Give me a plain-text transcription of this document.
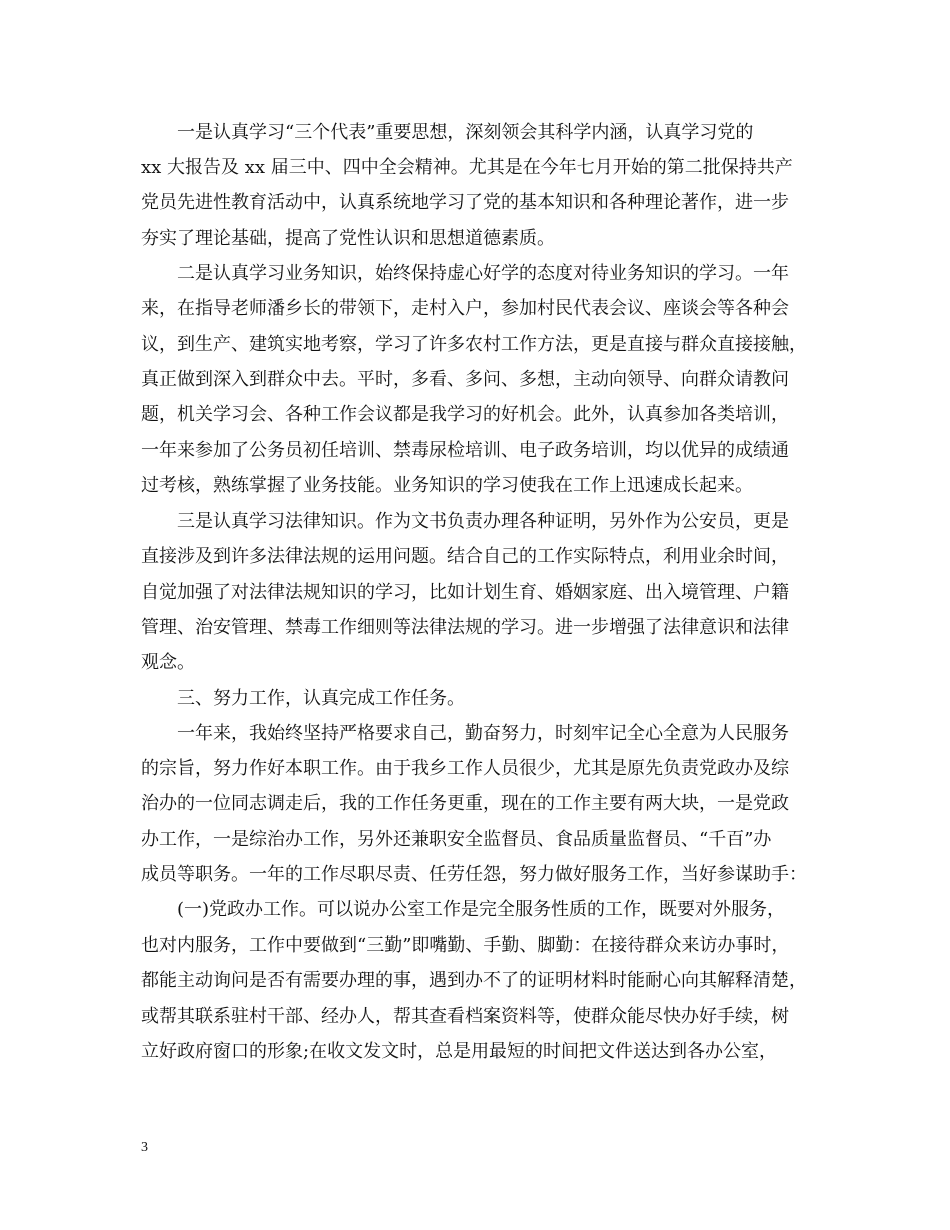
　　一是认真学习“三个代表”重要思想，深刻领会其科学内涵，认真学习党的
xx 大报告及 xx 届三中、四中全会精神。尤其是在今年七月开始的第二批保持共产
党员先进性教育活动中，认真系统地学习了党的基本知识和各种理论著作，进一步
夯实了理论基础，提高了党性认识和思想道德素质。
　　二是认真学习业务知识，始终保持虚心好学的态度对待业务知识的学习。一年
来，在指导老师潘乡长的带领下，走村入户，参加村民代表会议、座谈会等各种会
议，到生产、建筑实地考察，学习了许多农村工作方法，更是直接与群众直接接触，
真正做到深入到群众中去。平时，多看、多问、多想，主动向领导、向群众请教问
题，机关学习会、各种工作会议都是我学习的好机会。此外，认真参加各类培训，
一年来参加了公务员初任培训、禁毒尿检培训、电子政务培训，均以优异的成绩通
过考核，熟练掌握了业务技能。业务知识的学习使我在工作上迅速成长起来。
　　三是认真学习法律知识。作为文书负责办理各种证明，另外作为公安员，更是
直接涉及到许多法律法规的运用问题。结合自己的工作实际特点，利用业余时间，
自觉加强了对法律法规知识的学习，比如计划生育、婚姻家庭、出入境管理、户籍
管理、治安管理、禁毒工作细则等法律法规的学习。进一步增强了法律意识和法律
观念。
　　三、努力工作，认真完成工作任务。
　　一年来，我始终坚持严格要求自己，勤奋努力，时刻牢记全心全意为人民服务
的宗旨，努力作好本职工作。由于我乡工作人员很少，尤其是原先负责党政办及综
治办的一位同志调走后，我的工作任务更重，现在的工作主要有两大块，一是党政
办工作，一是综治办工作，另外还兼职安全监督员、食品质量监督员、“千百”办
成员等职务。一年的工作尽职尽责、任劳任怨，努力做好服务工作，当好参谋助手：
　　(一)党政办工作。可以说办公室工作是完全服务性质的工作，既要对外服务，
也对内服务，工作中要做到“三勤”即嘴勤、手勤、脚勤：在接待群众来访办事时，
都能主动询问是否有需要办理的事，遇到办不了的证明材料时能耐心向其解释清楚，
或帮其联系驻村干部、经办人，帮其查看档案资料等，使群众能尽快办好手续，树
立好政府窗口的形象;在收文发文时，总是用最短的时间把文件送达到各办公室，
3
